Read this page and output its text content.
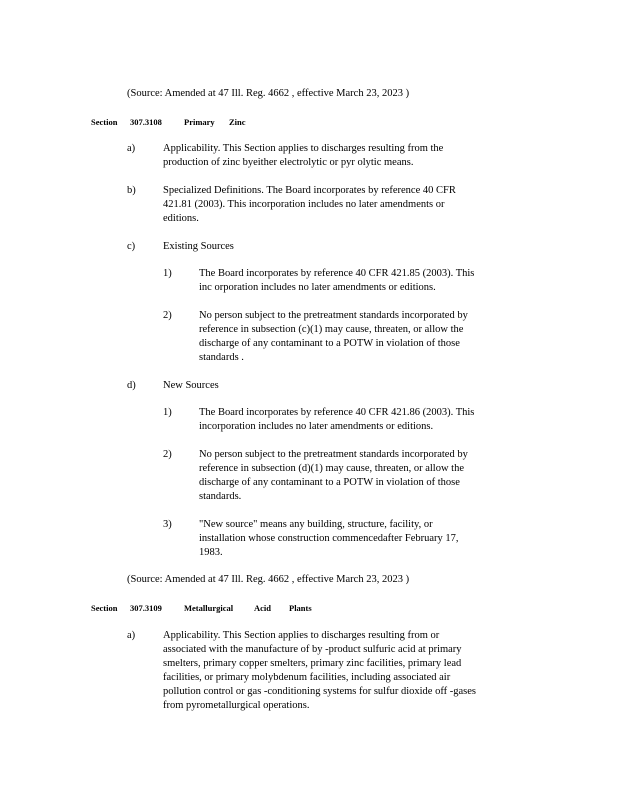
(Source: Amended at 47 Ill. Reg. 4662 , effective March 23, 2023 )
Section 307.3108	Primary Zinc
a)	Applicability. This Section applies to discharges resulting from the
production of zinc byeither electrolytic or pyr olytic means.
b)	Specialized Definitions. The Board incorporates by reference 40 CFR
421.81 (2003). This incorporation includes no later amendments or
editions.
c)	Existing Sources
1)	The Board incorporates by reference 40 CFR 421.85 (2003). This
inc orporation includes no later amendments or editions.
2)	No person subject to the pretreatment standards incorporated by
reference in subsection (c)(1) may cause, threaten, or allow the
discharge of any contaminant to a POTW in violation of those
standards .
d)	New Sources
1)	The Board incorporates by reference 40 CFR 421.86 (2003). This
incorporation includes no later amendments or editions.
2)	No person subject to the pretreatment standards incorporated by
reference in subsection (d)(1) may cause, threaten, or allow the
discharge of any contaminant to a POTW in violation of those
standards.
3)	"New source" means any building, structure, facility, or
installation whose construction commencedafter February 17,
1983.
(Source: Amended at 47 Ill. Reg. 4662 , effective March 23, 2023 )
Section 307.3109	Metallurgical Acid Plants
a)	Applicability. This Section applies to discharges resulting from or
associated with the manufacture of by -product sulfuric acid at primary
smelters, primary copper smelters, primary zinc facilities, primary lead
facilities, or primary molybdenum facilities, including associated air
pollution control or gas -conditioning systems for sulfur dioxide off -gases
from pyrometallurgical operations.
